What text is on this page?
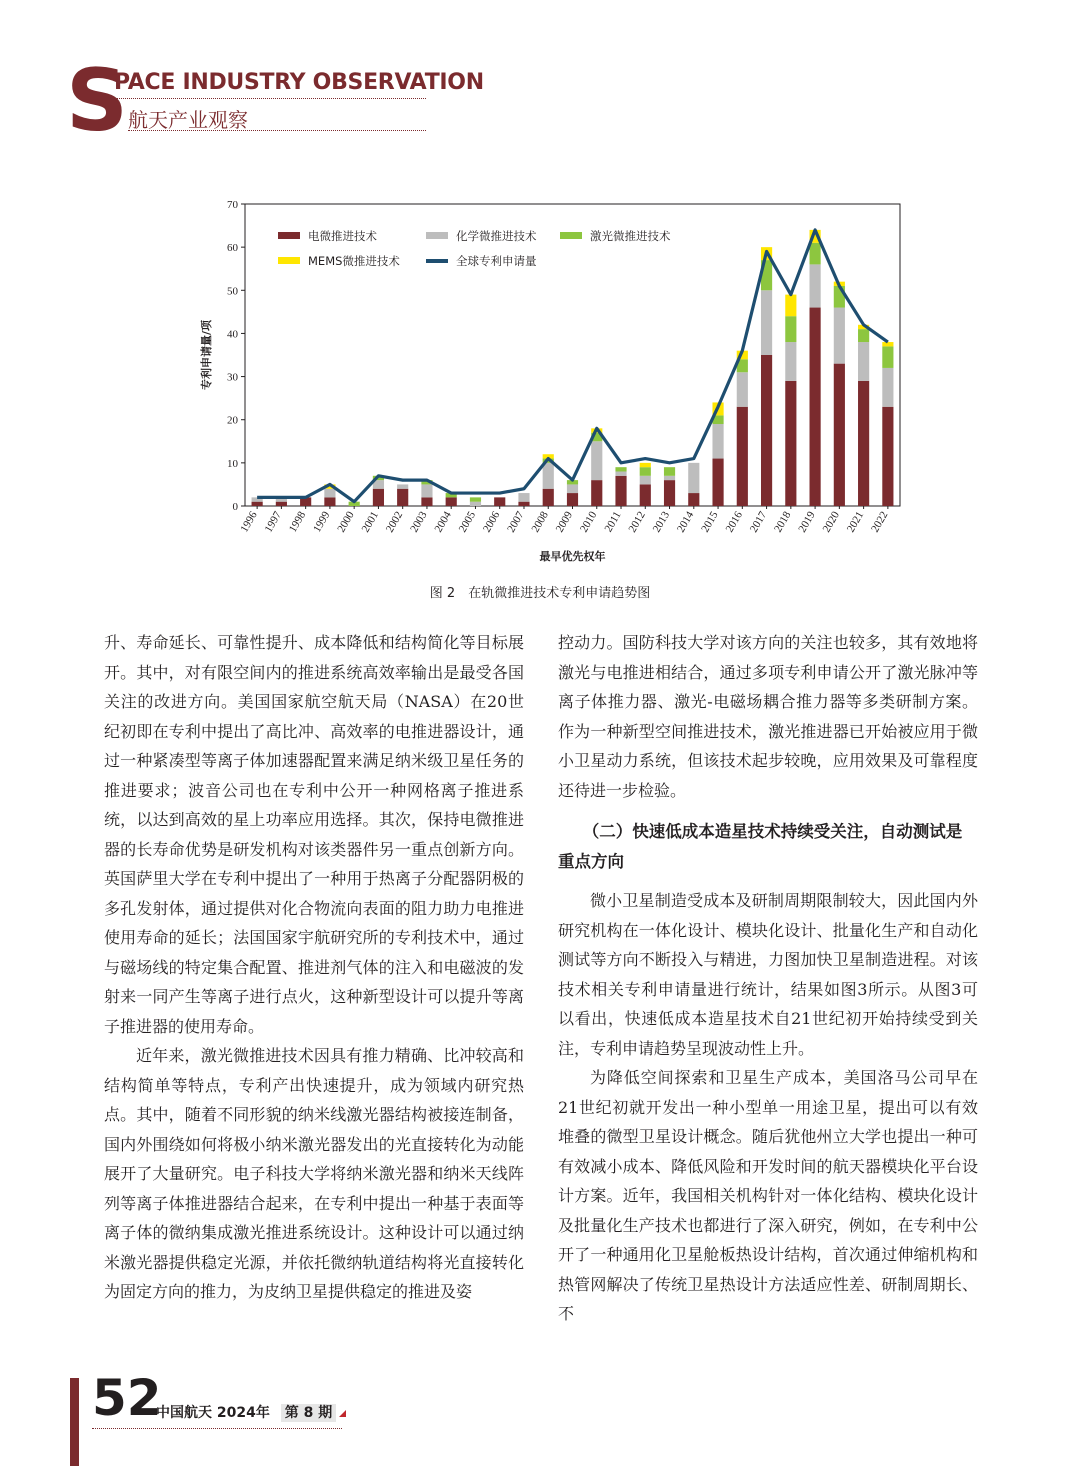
S
PACE INDUSTRY OBSERVATION
航天产业观察
0
10
20
30
40
50
60
70
1996 1997 1998 1999 2000 2001 2002 2003 2004 2005 2006 2007 2008 2009 2010 2011 2012 2013 2014 2015 2016 2017 2018 2019 2020 2021 2022
专利申请量/项
最早优先权年
电微推进技术	化学微推进技术	激光微推进技术
MEMS微推进技术	全球专利申请量
图 2　在轨微推进技术专利申请趋势图

升、寿命延长、可靠性提升、成本降低和结构简化等目标展开。其中，对有限空间内的推进系统高效率输出是最受各国关注的改进方向。美国国家航空航天局（NASA）在20世纪初即在专利中提出了高比冲、高效率的电推进器设计，通过一种紧凑型等离子体加速器配置来满足纳米级卫星任务的推进要求；波音公司也在专利中公开一种网格离子推进系统，以达到高效的星上功率应用选择。其次，保持电微推进器的长寿命优势是研发机构对该类器件另一重点创新方向。英国萨里大学在专利中提出了一种用于热离子分配器阴极的多孔发射体，通过提供对化合物流向表面的阻力助力电推进使用寿命的延长；法国国家宇航研究所的专利技术中，通过与磁场线的特定集合配置、推进剂气体的注入和电磁波的发射来一同产生等离子进行点火，这种新型设计可以提升等离子推进器的使用寿命。

近年来，激光微推进技术因具有推力精确、比冲较高和结构简单等特点，专利产出快速提升，成为领域内研究热点。其中，随着不同形貌的纳米线激光器结构被接连制备，国内外围绕如何将极小纳米激光器发出的光直接转化为动能展开了大量研究。电子科技大学将纳米激光器和纳米天线阵列等离子体推进器结合起来，在专利中提出一种基于表面等离子体的微纳集成激光推进系统设计。这种设计可以通过纳米激光器提供稳定光源，并依托微纳轨道结构将光直接转化为固定方向的推力，为皮纳卫星提供稳定的推进及姿

控动力。国防科技大学对该方向的关注也较多，其有效地将激光与电推进相结合，通过多项专利申请公开了激光脉冲等离子体推力器、激光-电磁场耦合推力器等多类研制方案。作为一种新型空间推进技术，激光推进器已开始被应用于微小卫星动力系统，但该技术起步较晚，应用效果及可靠程度还待进一步检验。

（二）快速低成本造星技术持续受关注，自动测试是重点方向

微小卫星制造受成本及研制周期限制较大，因此国内外研究机构在一体化设计、模块化设计、批量化生产和自动化测试等方向不断投入与精进，力图加快卫星制造进程。对该技术相关专利申请量进行统计，结果如图3所示。从图3可以看出，快速低成本造星技术自21世纪初开始持续受到关注，专利申请趋势呈现波动性上升。

为降低空间探索和卫星生产成本，美国洛马公司早在21世纪初就开发出一种小型单一用途卫星，提出可以有效堆叠的微型卫星设计概念。随后犹他州立大学也提出一种可有效减小成本、降低风险和开发时间的航天器模块化平台设计方案。近年，我国相关机构针对一体化结构、模块化设计及批量化生产技术也都进行了深入研究，例如，在专利中公开了一种通用化卫星舱板热设计结构，首次通过伸缩机构和热管网解决了传统卫星热设计方法适应性差、研制周期长、不

52
中国航天 2024年 第 8 期
